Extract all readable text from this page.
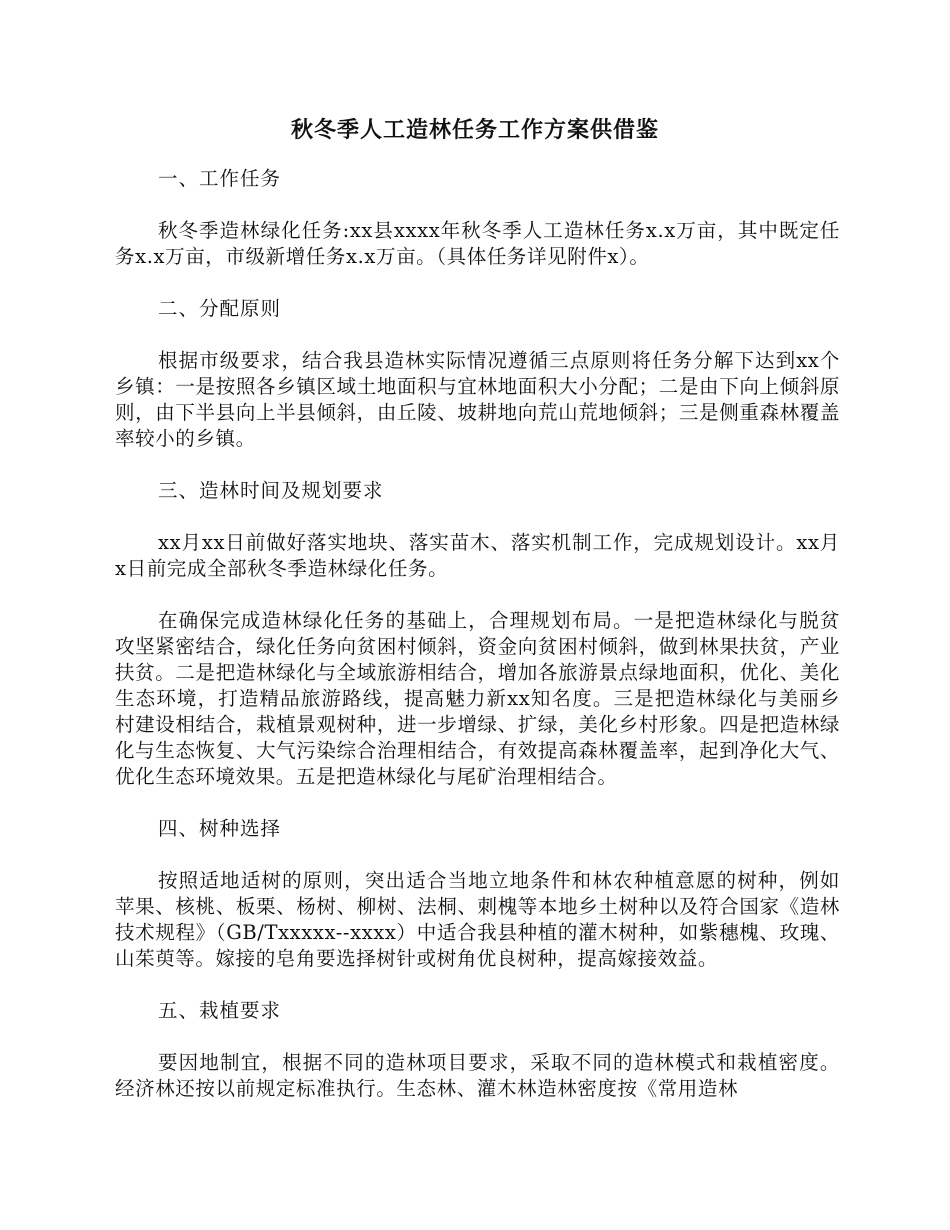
秋冬季人工造林任务工作方案供借鉴
一、工作任务
秋冬季造林绿化任务:xx县xxxx年秋冬季人工造林任务x.x万亩，其中既定任务x.x万亩，市级新增任务x.x万亩。（具体任务详见附件x）。
二、分配原则
根据市级要求，结合我县造林实际情况遵循三点原则将任务分解下达到xx个乡镇：一是按照各乡镇区域土地面积与宜林地面积大小分配；二是由下向上倾斜原则，由下半县向上半县倾斜，由丘陵、坡耕地向荒山荒地倾斜；三是侧重森林覆盖率较小的乡镇。
三、造林时间及规划要求
xx月xx日前做好落实地块、落实苗木、落实机制工作，完成规划设计。xx月x日前完成全部秋冬季造林绿化任务。
在确保完成造林绿化任务的基础上，合理规划布局。一是把造林绿化与脱贫攻坚紧密结合，绿化任务向贫困村倾斜，资金向贫困村倾斜，做到林果扶贫，产业扶贫。二是把造林绿化与全域旅游相结合，增加各旅游景点绿地面积，优化、美化生态环境，打造精品旅游路线，提高魅力新xx知名度。三是把造林绿化与美丽乡村建设相结合，栽植景观树种，进一步增绿、扩绿，美化乡村形象。四是把造林绿化与生态恢复、大气污染综合治理相结合，有效提高森林覆盖率，起到净化大气、优化生态环境效果。五是把造林绿化与尾矿治理相结合。
四、树种选择
按照适地适树的原则，突出适合当地立地条件和林农种植意愿的树种，例如苹果、核桃、板栗、杨树、柳树、法桐、刺槐等本地乡土树种以及符合国家《造林技术规程》（GB/Txxxxx--xxxx）中适合我县种植的灌木树种，如紫穗槐、玫瑰、山茱萸等。嫁接的皂角要选择树针或树角优良树种，提高嫁接效益。
五、栽植要求
要因地制宜，根据不同的造林项目要求，采取不同的造林模式和栽植密度。经济林还按以前规定标准执行。生态林、灌木林造林密度按《常用造林
